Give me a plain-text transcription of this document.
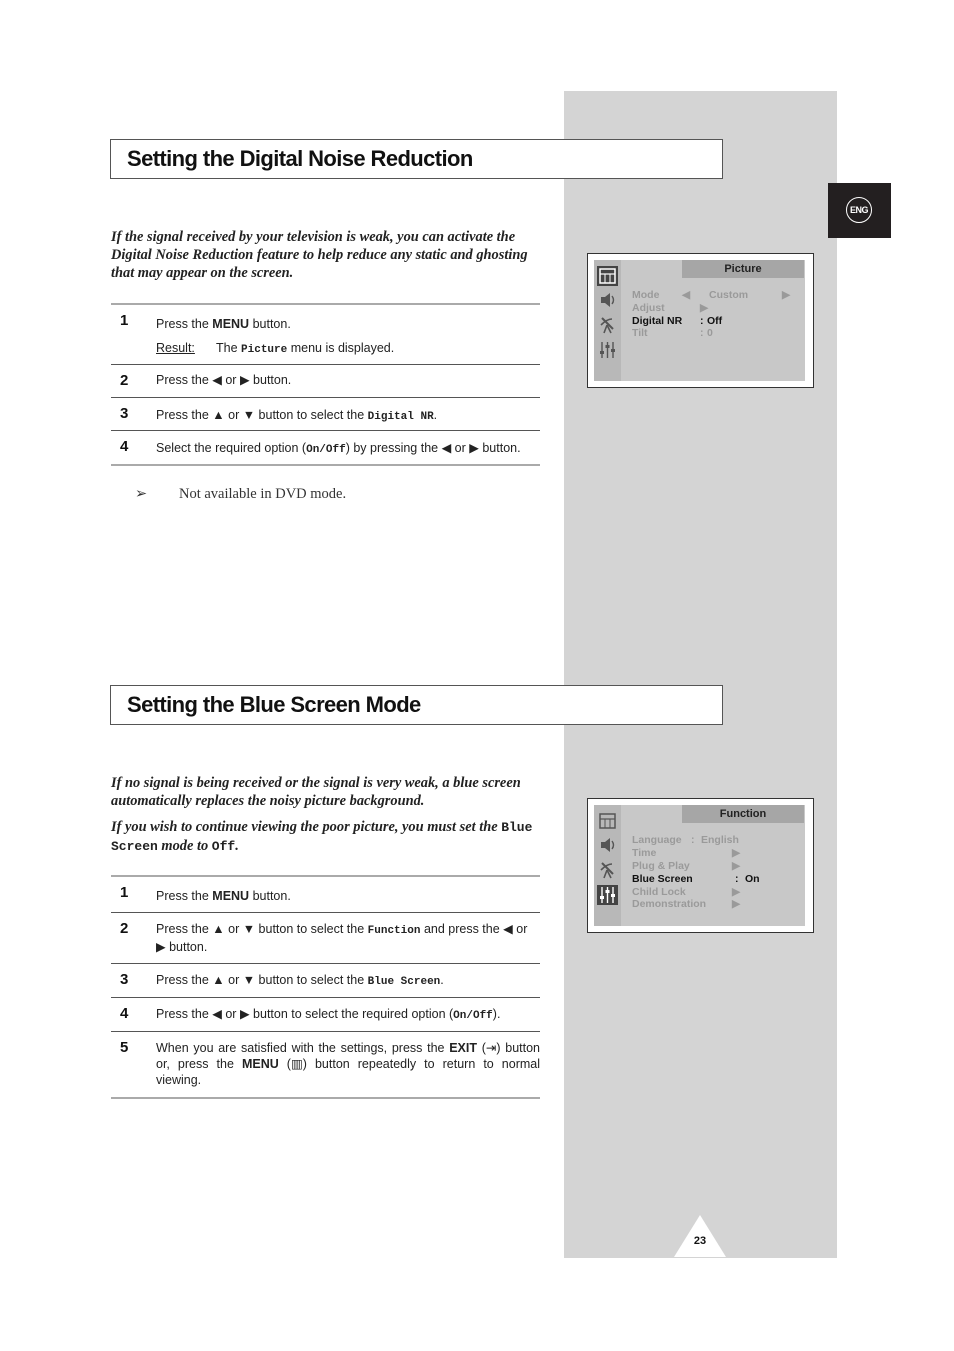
ENG
Setting the Digital Noise Reduction

If the signal received by your television is weak, you can activate the Digital Noise Reduction feature to help reduce any static and ghosting that may appear on the screen.

1 Press the MENU button.
Result: The Picture menu is displayed.
2 Press the ◀ or ▶ button.
3 Press the ▲ or ▼ button to select the Digital NR.
4 Select the required option (On/Off) by pressing the ◀ or ▶ button.
➢ Not available in DVD mode.
Picture
Mode ◀ Custom	▶
Adjust	▶
Digital NR : Off
Tilt	: 0
Setting the Blue Screen Mode

If no signal is being received or the signal is very weak, a blue screen automatically replaces the noisy picture background.

If you wish to continue viewing the poor picture, you must set the Blue Screen mode to Off.

1 Press the MENU button.
2 Press the ▲ or ▼ button to select the Function and press the ◀ or ▶ button.
3 Press the ▲ or ▼ button to select the Blue Screen.
4 Press the ◀ or ▶ button to select the required option (On/Off).
5 When you are satisfied with the settings, press the EXIT (⇥) button or, press the MENU (▥) button repeatedly to return to normal viewing.
Function
Language : English
Time	▶
Plug & Play	▶
Blue Screen	: On
Child Lock	▶
Demonstration ▶
23
